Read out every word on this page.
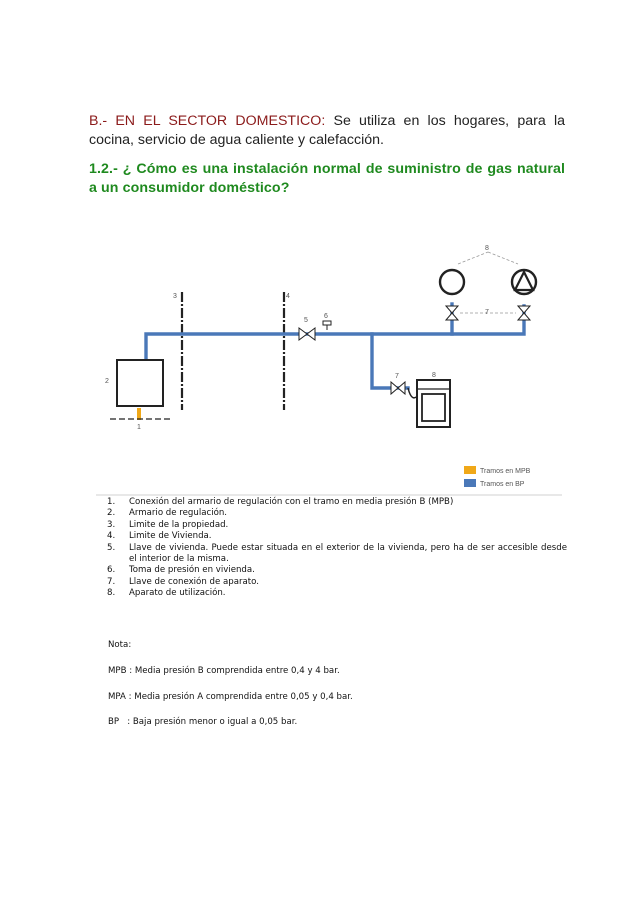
B.- EN EL SECTOR DOMESTICO: Se utiliza en los hogares, para la cocina, servicio de agua caliente y calefacción.
1.2.- ¿ Cómo es una instalación normal de suministro de gas natural a un consumidor doméstico?
1
2
3	4
5
6
7
7
8
8
Tramos en MPB
Tramos en BP
1.	Conexión del armario de regulación con el tramo en media presión B (MPB)
2.	Armario de regulación.
3.	Limite de la propiedad.
4.	Limite de Vivienda.
5.	Llave de vivienda. Puede estar situada en el exterior de la vivienda, pero ha de ser accesible desde el interior de la misma.
6.	Toma de presión en vivienda.
7.	Llave de conexión de aparato.
8.	Aparato de utilización.
Nota:
MPB : Media presión B comprendida entre 0,4 y 4 bar.
MPA : Media presión A comprendida entre 0,05 y 0,4 bar.
BP   : Baja presión menor o igual a 0,05 bar.
